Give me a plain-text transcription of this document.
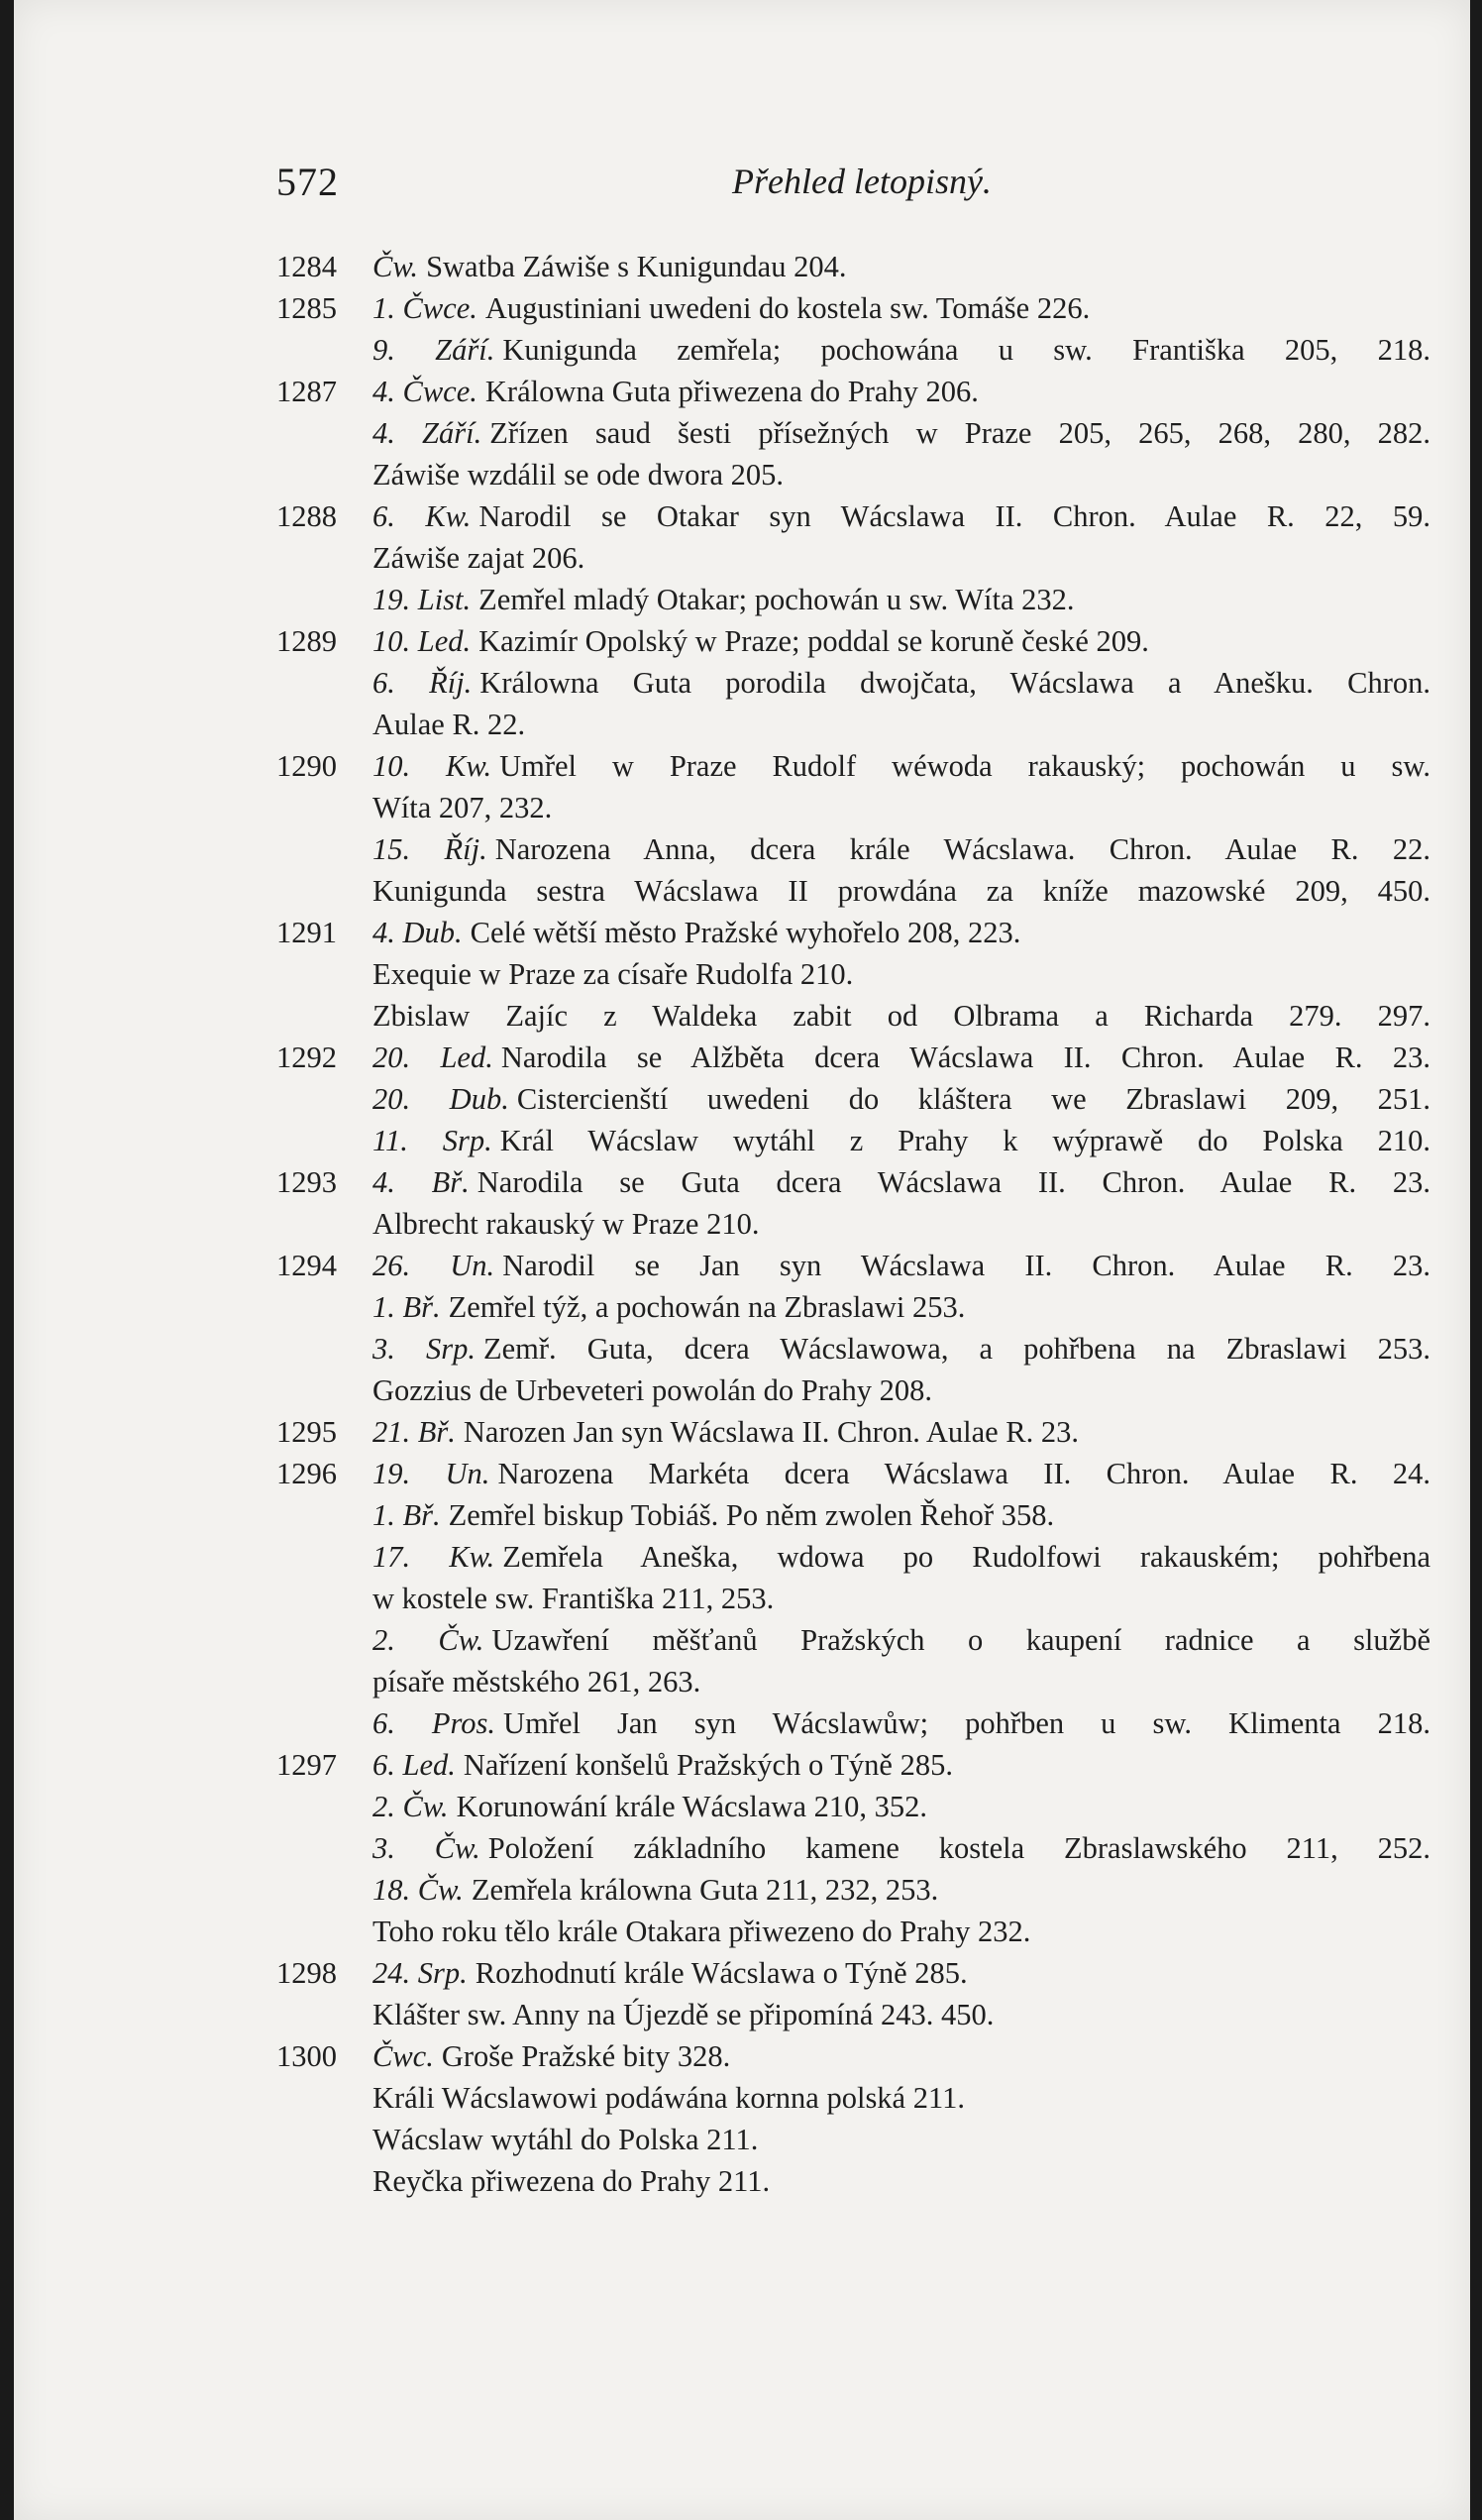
572	Přehled letopisný.
1284	Čw. Swatba Záwiše s Kunigundau 204.
1285	1. Čwce. Augustiniani uwedeni do kostela sw. Tomáše 226.
9. Září. Kunigunda zemřela; pochowána u sw. Františka 205, 218.
1287	4. Čwce. Králowna Guta přiwezena do Prahy 206.
4. Září. Zřízen saud šesti přísežných w Praze 205, 265, 268, 280, 282.
Záwiše wzdálil se ode dwora 205.
1288	6. Kw. Narodil se Otakar syn Wácslawa II. Chron. Aulae R. 22, 59.
Záwiše zajat 206.
19. List. Zemřel mladý Otakar; pochowán u sw. Wíta 232.
1289	10. Led. Kazimír Opolský w Praze; poddal se koruně české 209.
6. Říj. Králowna Guta porodila dwojčata, Wácslawa a Anešku. Chron.
Aulae R. 22.
1290	10. Kw. Umřel w Praze Rudolf wéwoda rakauský; pochowán u sw.
Wíta 207, 232.
15. Říj. Narozena Anna, dcera krále Wácslawa. Chron. Aulae R. 22.
Kunigunda sestra Wácslawa II prowdána za kníže mazowské 209, 450.
1291	4. Dub. Celé wětší město Pražské wyhořelo 208, 223.
Exequie w Praze za císaře Rudolfa 210.
Zbislaw Zajíc z Waldeka zabit od Olbrama a Richarda 279. 297.
1292	20. Led. Narodila se Alžběta dcera Wácslawa II. Chron. Aulae R. 23.
20. Dub. Cistercienští uwedeni do kláštera we Zbraslawi 209, 251.
11. Srp. Král Wácslaw wytáhl z Prahy k wýprawě do Polska 210.
1293	4. Bř. Narodila se Guta dcera Wácslawa II. Chron. Aulae R. 23.
Albrecht rakauský w Praze 210.
1294	26. Un. Narodil se Jan syn Wácslawa II. Chron. Aulae R. 23.
1. Bř. Zemřel týž, a pochowán na Zbraslawi 253.
3. Srp. Zemř. Guta, dcera Wácslawowa, a pohřbena na Zbraslawi 253.
Gozzius de Urbeveteri powolán do Prahy 208.
1295	21. Bř. Narozen Jan syn Wácslawa II. Chron. Aulae R. 23.
1296	19. Un. Narozena Markéta dcera Wácslawa II. Chron. Aulae R. 24.
1. Bř. Zemřel biskup Tobiáš. Po něm zwolen Řehoř 358.
17. Kw. Zemřela Aneška, wdowa po Rudolfowi rakauském; pohřbena
w kostele sw. Františka 211, 253.
2. Čw. Uzawření měšťanů Pražských o kaupení radnice a službě
písaře městského 261, 263.
6. Pros. Umřel Jan syn Wácslawůw; pohřben u sw. Klimenta 218.
1297	6. Led. Nařízení konšelů Pražských o Týně 285.
2. Čw. Korunowání krále Wácslawa 210, 352.
3. Čw. Položení základního kamene kostela Zbraslawského 211, 252.
18. Čw. Zemřela králowna Guta 211, 232, 253.
Toho roku tělo krále Otakara přiwezeno do Prahy 232.
1298	24. Srp. Rozhodnutí krále Wácslawa o Týně 285.
Klášter sw. Anny na Újezdě se připomíná 243. 450.
1300	Čwc. Groše Pražské bity 328.
Králi Wácslawowi podáwána kornna polská 211.
Wácslaw wytáhl do Polska 211.
Reyčka přiwezena do Prahy 211.
